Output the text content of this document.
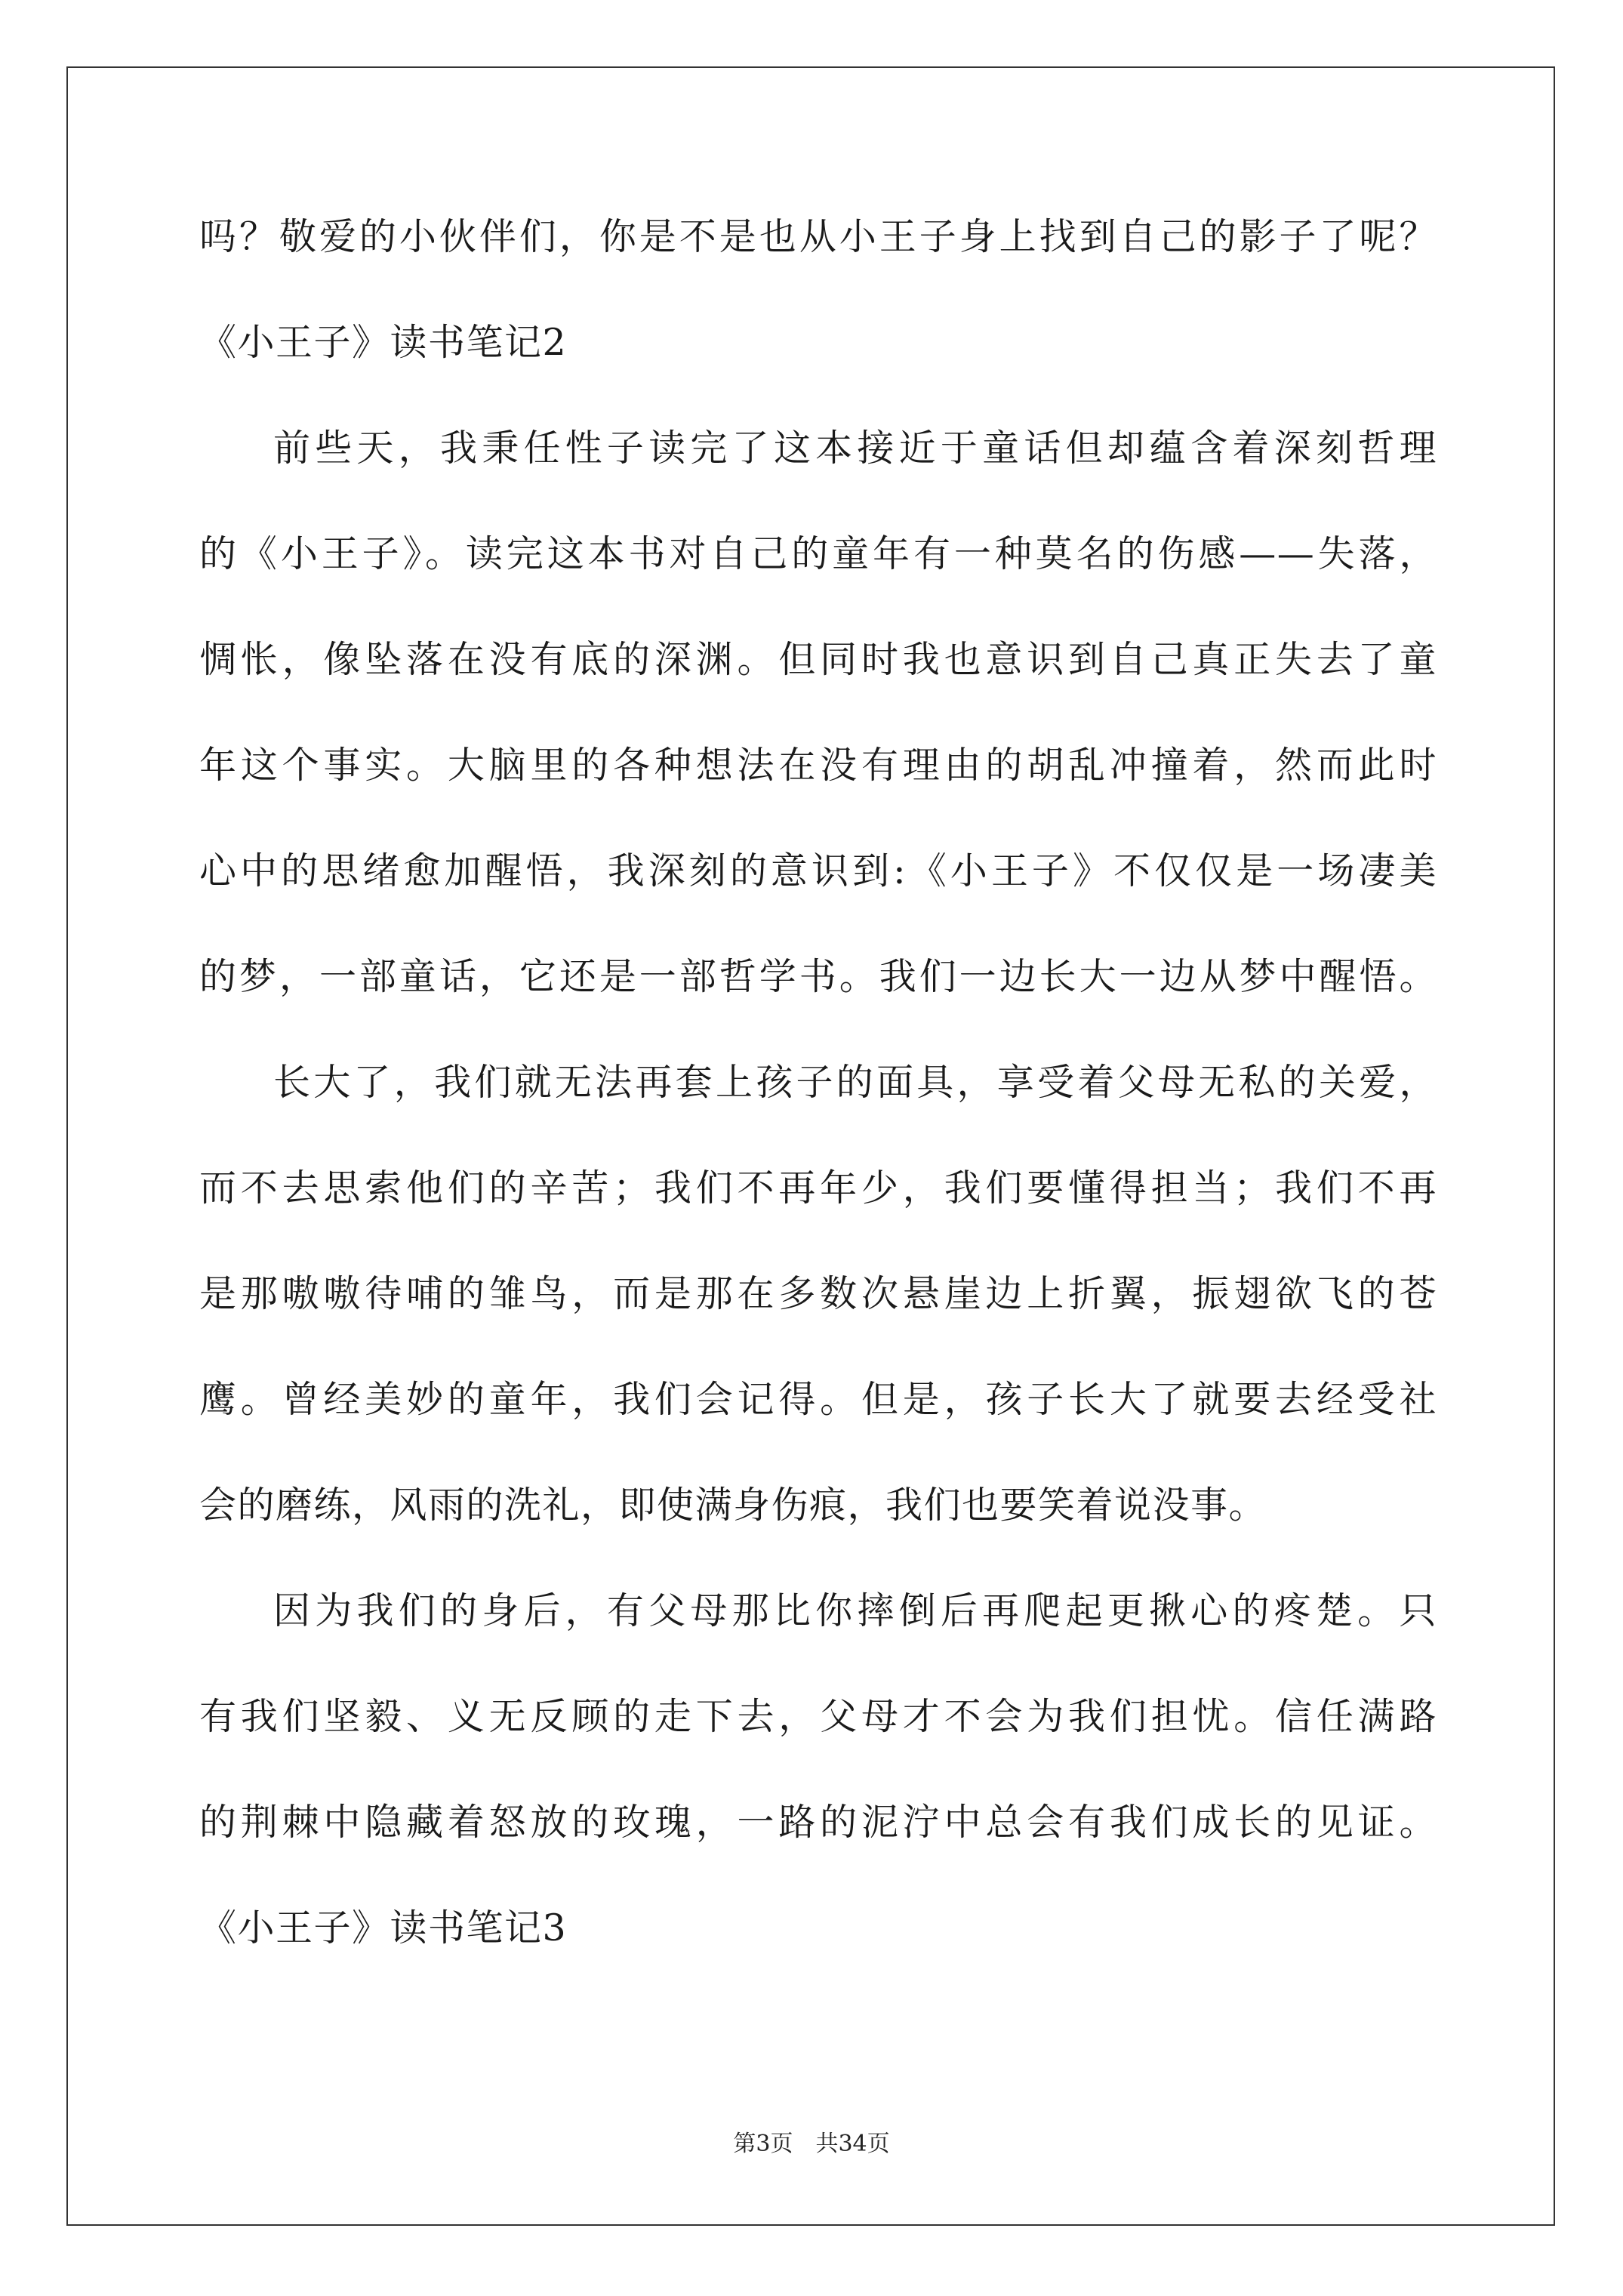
吗？敬爱的小伙伴们，你是不是也从小王子身上找到自己的影子了呢？
《小王子》读书笔记2
前些天，我秉任性子读完了这本接近于童话但却蕴含着深刻哲理
的《小王子》。读完这本书对自己的童年有一种莫名的伤感——失落，
惆怅，像坠落在没有底的深渊。但同时我也意识到自己真正失去了童
年这个事实。大脑里的各种想法在没有理由的胡乱冲撞着，然而此时
心中的思绪愈加醒悟，我深刻的意识到:《小王子》不仅仅是一场凄美
的梦，一部童话，它还是一部哲学书。我们一边长大一边从梦中醒悟。
长大了，我们就无法再套上孩子的面具，享受着父母无私的关爱，
而不去思索他们的辛苦；我们不再年少，我们要懂得担当；我们不再
是那嗷嗷待哺的雏鸟，而是那在多数次悬崖边上折翼，振翅欲飞的苍
鹰。曾经美妙的童年，我们会记得。但是，孩子长大了就要去经受社
会的磨练，风雨的洗礼，即使满身伤痕，我们也要笑着说没事。
因为我们的身后，有父母那比你摔倒后再爬起更揪心的疼楚。只
有我们坚毅、义无反顾的走下去，父母才不会为我们担忧。信任满路
的荆棘中隐藏着怒放的玫瑰，一路的泥泞中总会有我们成长的见证。
《小王子》读书笔记3
第3页　共34页
